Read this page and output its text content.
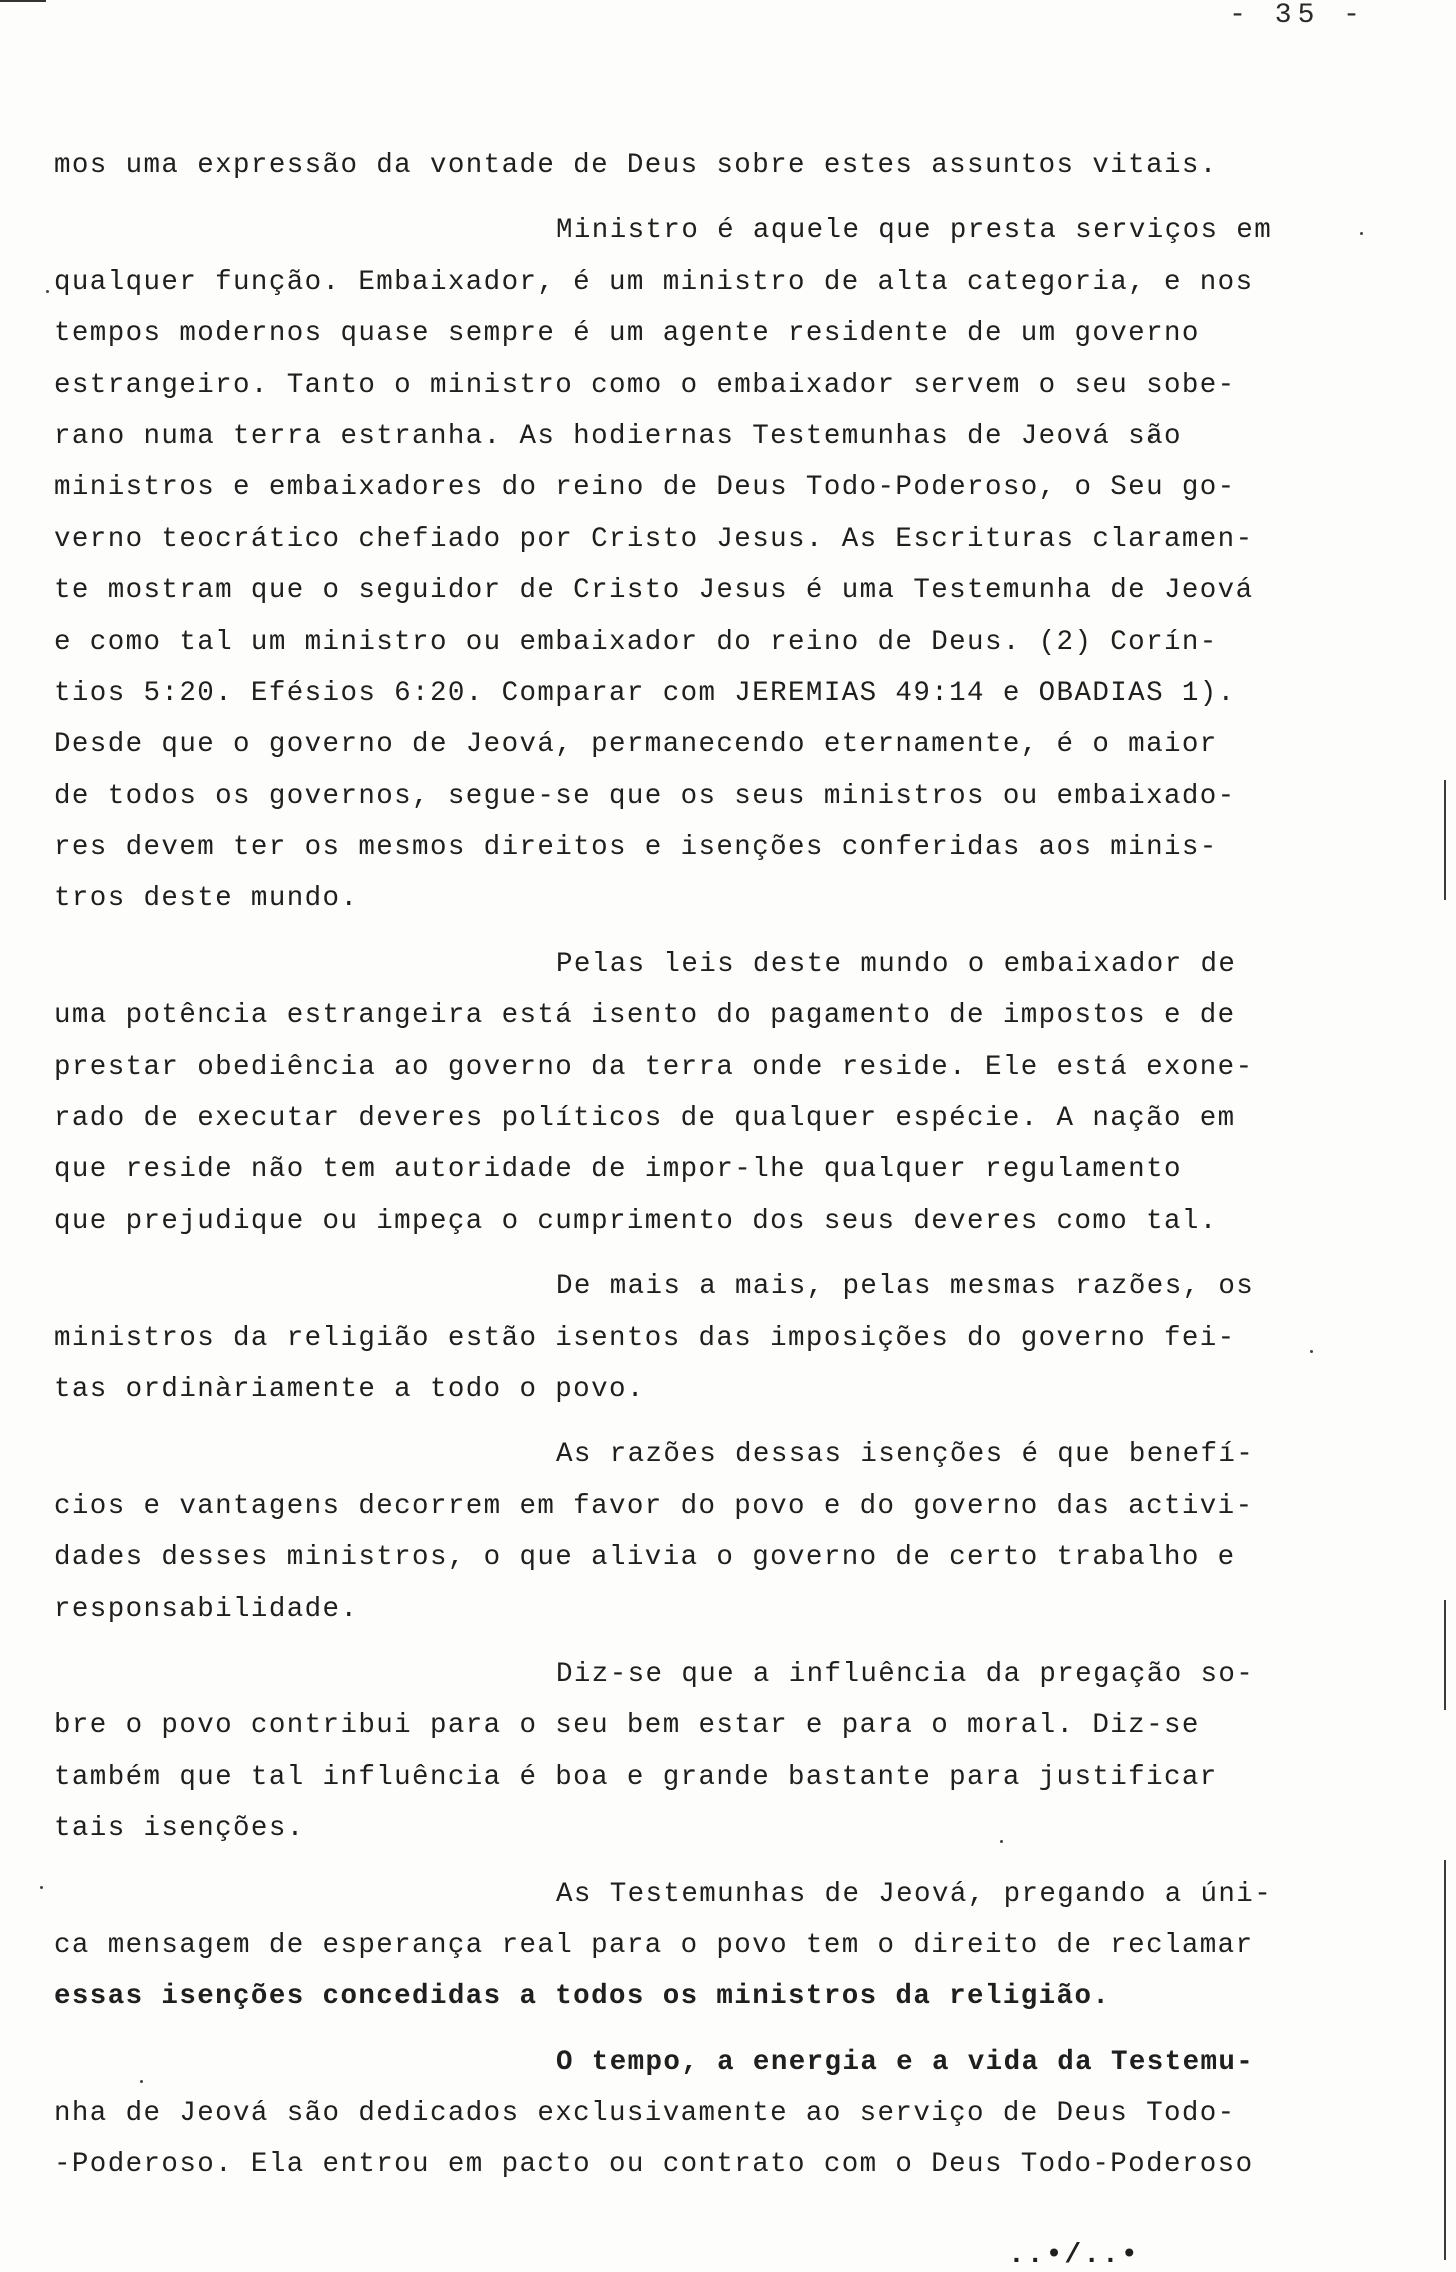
- 35 -
mos uma expressão da vontade de Deus sobre estes assuntos vitais.
Ministro é aquele que presta serviços em
qualquer função. Embaixador, é um ministro de alta categoria, e nos
tempos modernos quase sempre é um agente residente de um governo
estrangeiro. Tanto o ministro como o embaixador servem o seu sobe-
rano numa terra estranha. As hodiernas Testemunhas de Jeová são
ministros e embaixadores do reino de Deus Todo-Poderoso, o Seu go-
verno teocrático chefiado por Cristo Jesus. As Escrituras claramen-
te mostram que o seguidor de Cristo Jesus é uma Testemunha de Jeová
e como tal um ministro ou embaixador do reino de Deus. (2) Corín-
tios 5:20. Efésios 6:20. Comparar com JEREMIAS 49:14 e OBADIAS 1).
Desde que o governo de Jeová, permanecendo eternamente, é o maior
de todos os governos, segue-se que os seus ministros ou embaixado-
res devem ter os mesmos direitos e isenções conferidas aos minis-
tros deste mundo.
Pelas leis deste mundo o embaixador de
uma potência estrangeira está isento do pagamento de impostos e de
prestar obediência ao governo da terra onde reside. Ele está exone-
rado de executar deveres políticos de qualquer espécie. A nação em
que reside não tem autoridade de impor-lhe qualquer regulamento
que prejudique ou impeça o cumprimento dos seus deveres como tal.
De mais a mais, pelas mesmas razões, os
ministros da religião estão isentos das imposições do governo fei-
tas ordinàriamente a todo o povo.
As razões dessas isenções é que benefí-
cios e vantagens decorrem em favor do povo e do governo das activi-
dades desses ministros, o que alivia o governo de certo trabalho e
responsabilidade.
Diz-se que a influência da pregação so-
bre o povo contribui para o seu bem estar e para o moral. Diz-se
também que tal influência é boa e grande bastante para justificar
tais isenções.
As Testemunhas de Jeová, pregando a úni-
ca mensagem de esperança real para o povo tem o direito de reclamar
essas isenções concedidas a todos os ministros da religião.
O tempo, a energia e a vida da Testemu-
nha de Jeová são dedicados exclusivamente ao serviço de Deus Todo-
-Poderoso. Ela entrou em pacto ou contrato com o Deus Todo-Poderoso
..•/..•
